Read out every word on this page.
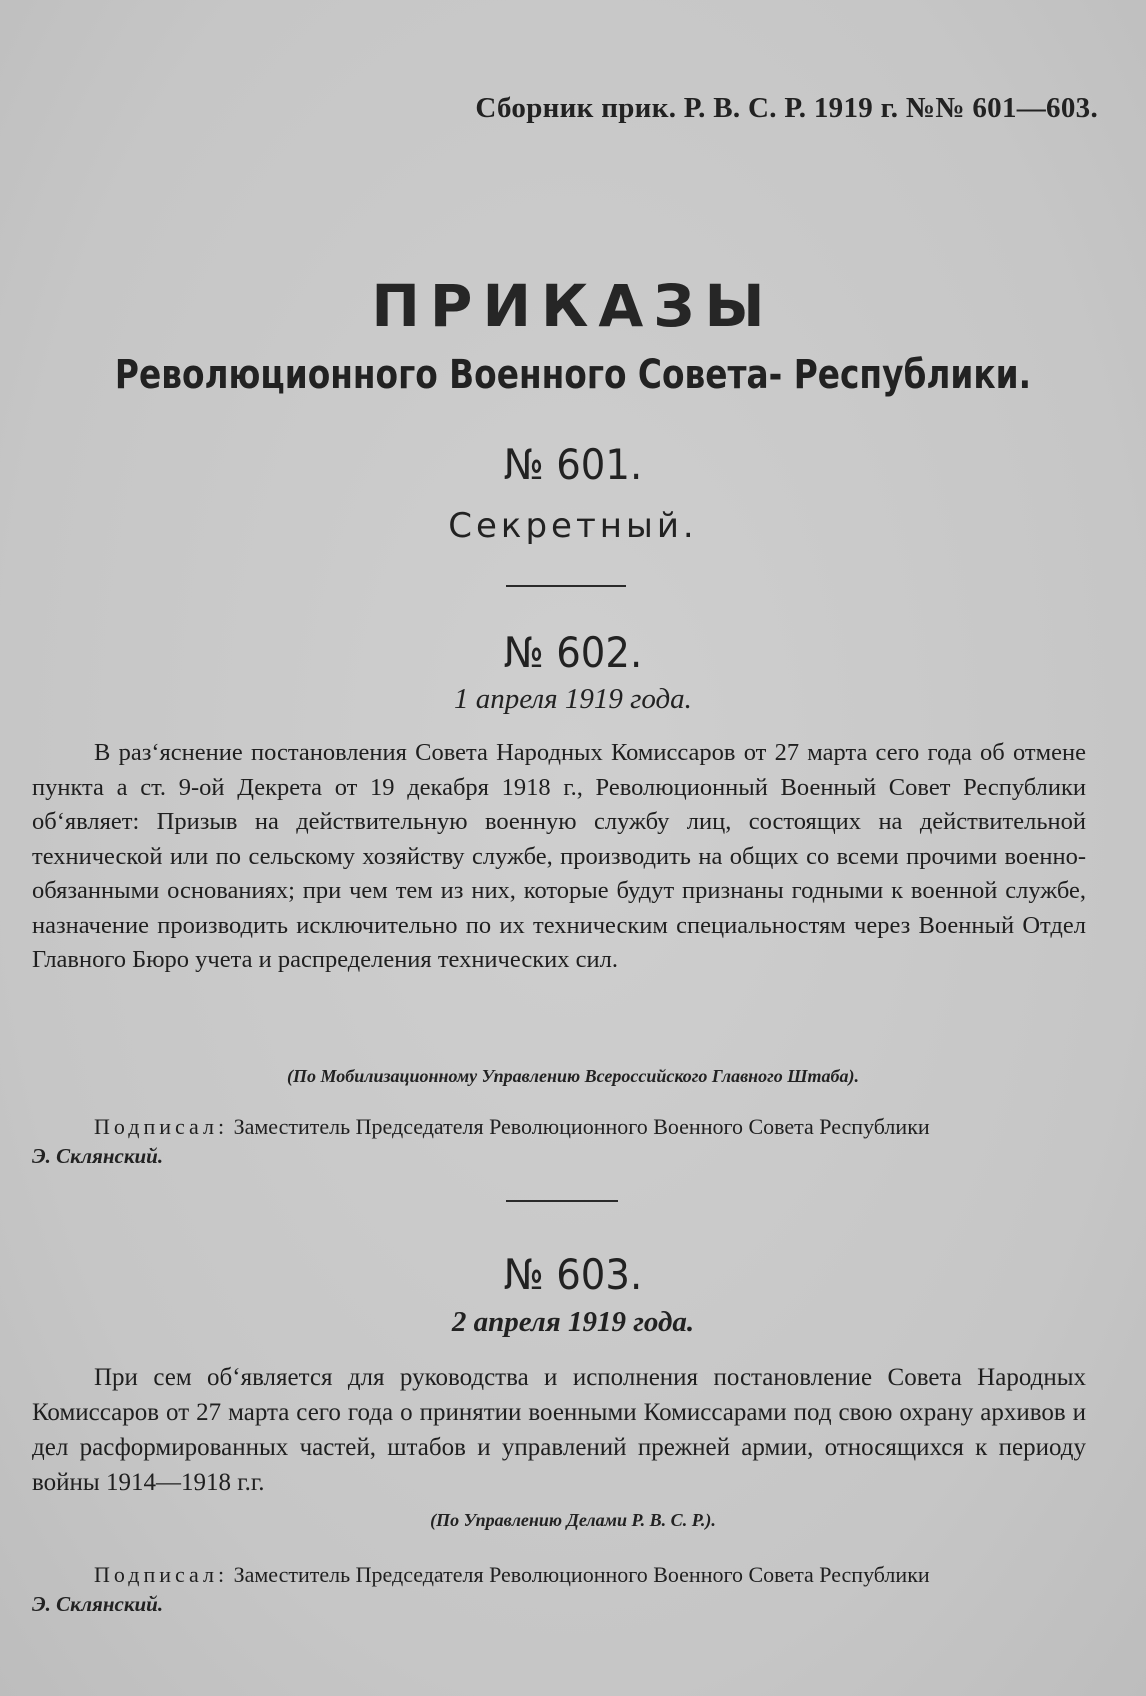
Сборник прик. Р. В. С. Р. 1919 г. №№ 601—603.
ПРИКАЗЫ
Революционного Военного Совета- Республики.
№ 601.
Секретный.
№ 602.
1 апреля 1919 года.
В раз‘яснение постановления Совета Народных Комиссаров от 27 марта сего года об отмене пункта а ст. 9-ой Декрета от 19 декабря 1918 г., Революционный Военный Совет Республики об‘являет: Призыв на действительную военную службу лиц, состоящих на действительной технической или по сельскому хозяйству службе, производить на общих со всеми прочими военно-обязанными основаниях; при чем тем из них, которые будут признаны годными к военной службе, назначение производить исключительно по их техническим специальностям через Военный Отдел Главного Бюро учета и распределения технических сил.
(По Мобилизационному Управлению Всероссийского Главного Штаба).
Подписал: Заместитель Председателя Революционного Военного Совета Республики
Э. Склянский.
№ 603.
2 апреля 1919 года.
При сем об‘является для руководства и исполнения постановление Совета Народных Комиссаров от 27 марта сего года о принятии военными Комиссарами под свою охрану архивов и дел расформированных частей, штабов и управлений прежней армии, относящихся к периоду войны 1914—1918 г.г.
(По Управлению Делами Р. В. С. Р.).
Подписал: Заместитель Председателя Революционного Военного Совета Республики
Э. Склянский.
